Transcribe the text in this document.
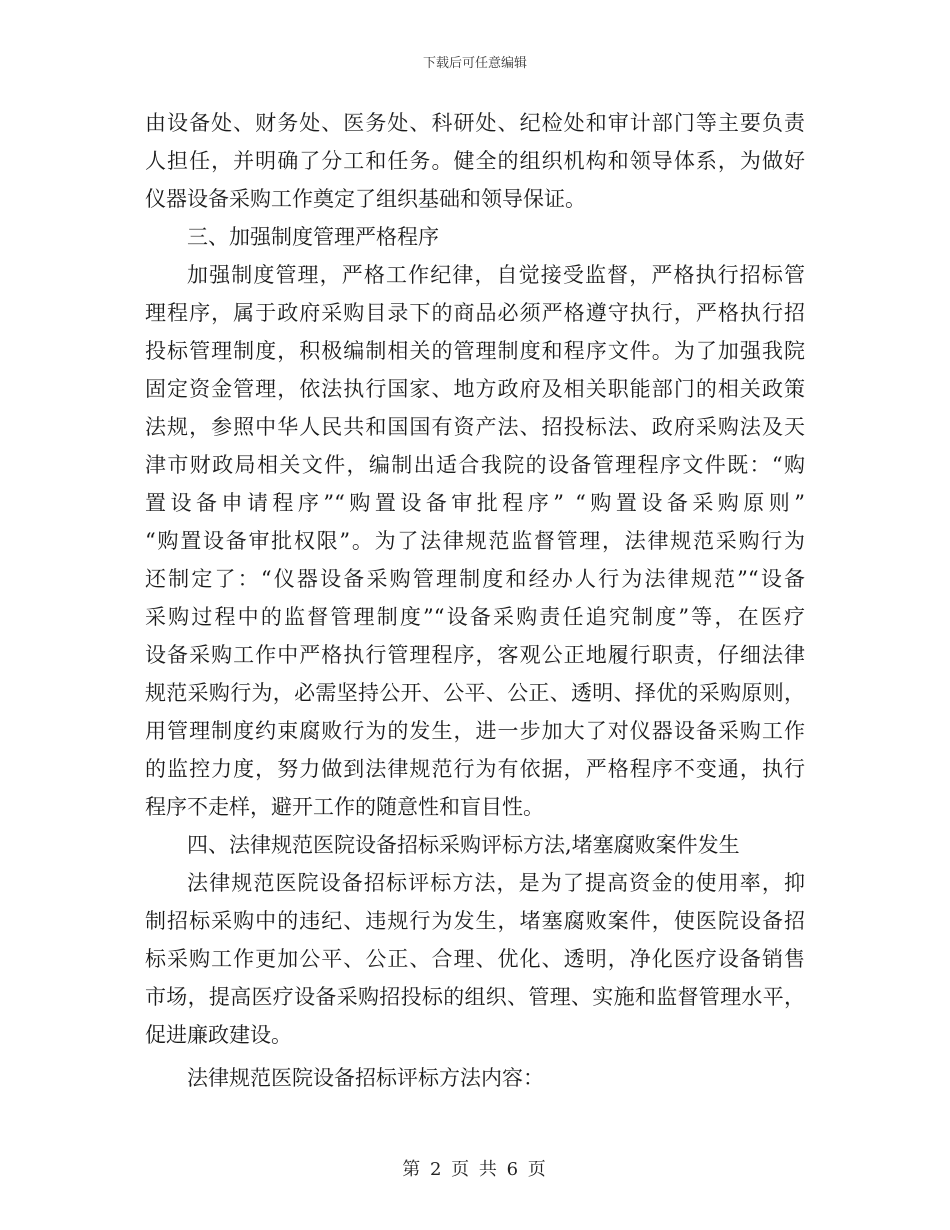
下载后可任意编辑
由设备处、财务处、医务处、科研处、纪检处和审计部门等主要负责
人担任，并明确了分工和任务。健全的组织机构和领导体系，为做好
仪器设备采购工作奠定了组织基础和领导保证。
三、加强制度管理严格程序
加强制度管理，严格工作纪律，自觉接受监督，严格执行招标管
理程序，属于政府采购目录下的商品必须严格遵守执行，严格执行招
投标管理制度，积极编制相关的管理制度和程序文件。为了加强我院
固定资金管理，依法执行国家、地方政府及相关职能部门的相关政策
法规，参照中华人民共和国国有资产法、招投标法、政府采购法及天
津市财政局相关文件，编制出适合我院的设备管理程序文件既：“购
置设备申请程序”“购置设备审批程序” “购置设备采购原则”
“购置设备审批权限”。为了法律规范监督管理，法律规范采购行为
还制定了：“仪器设备采购管理制度和经办人行为法律规范”“设备
采购过程中的监督管理制度”“设备采购责任追究制度”等，在医疗
设备采购工作中严格执行管理程序，客观公正地履行职责，仔细法律
规范采购行为，必需坚持公开、公平、公正、透明、择优的采购原则，
用管理制度约束腐败行为的发生，进一步加大了对仪器设备采购工作
的监控力度，努力做到法律规范行为有依据，严格程序不变通，执行
程序不走样，避开工作的随意性和盲目性。
四、法律规范医院设备招标采购评标方法,堵塞腐败案件发生
法律规范医院设备招标评标方法，是为了提高资金的使用率，抑
制招标采购中的违纪、违规行为发生，堵塞腐败案件，使医院设备招
标采购工作更加公平、公正、合理、优化、透明，净化医疗设备销售
市场，提高医疗设备采购招投标的组织、管理、实施和监督管理水平，
促进廉政建设。
法律规范医院设备招标评标方法内容：
第 2 页 共 6 页
